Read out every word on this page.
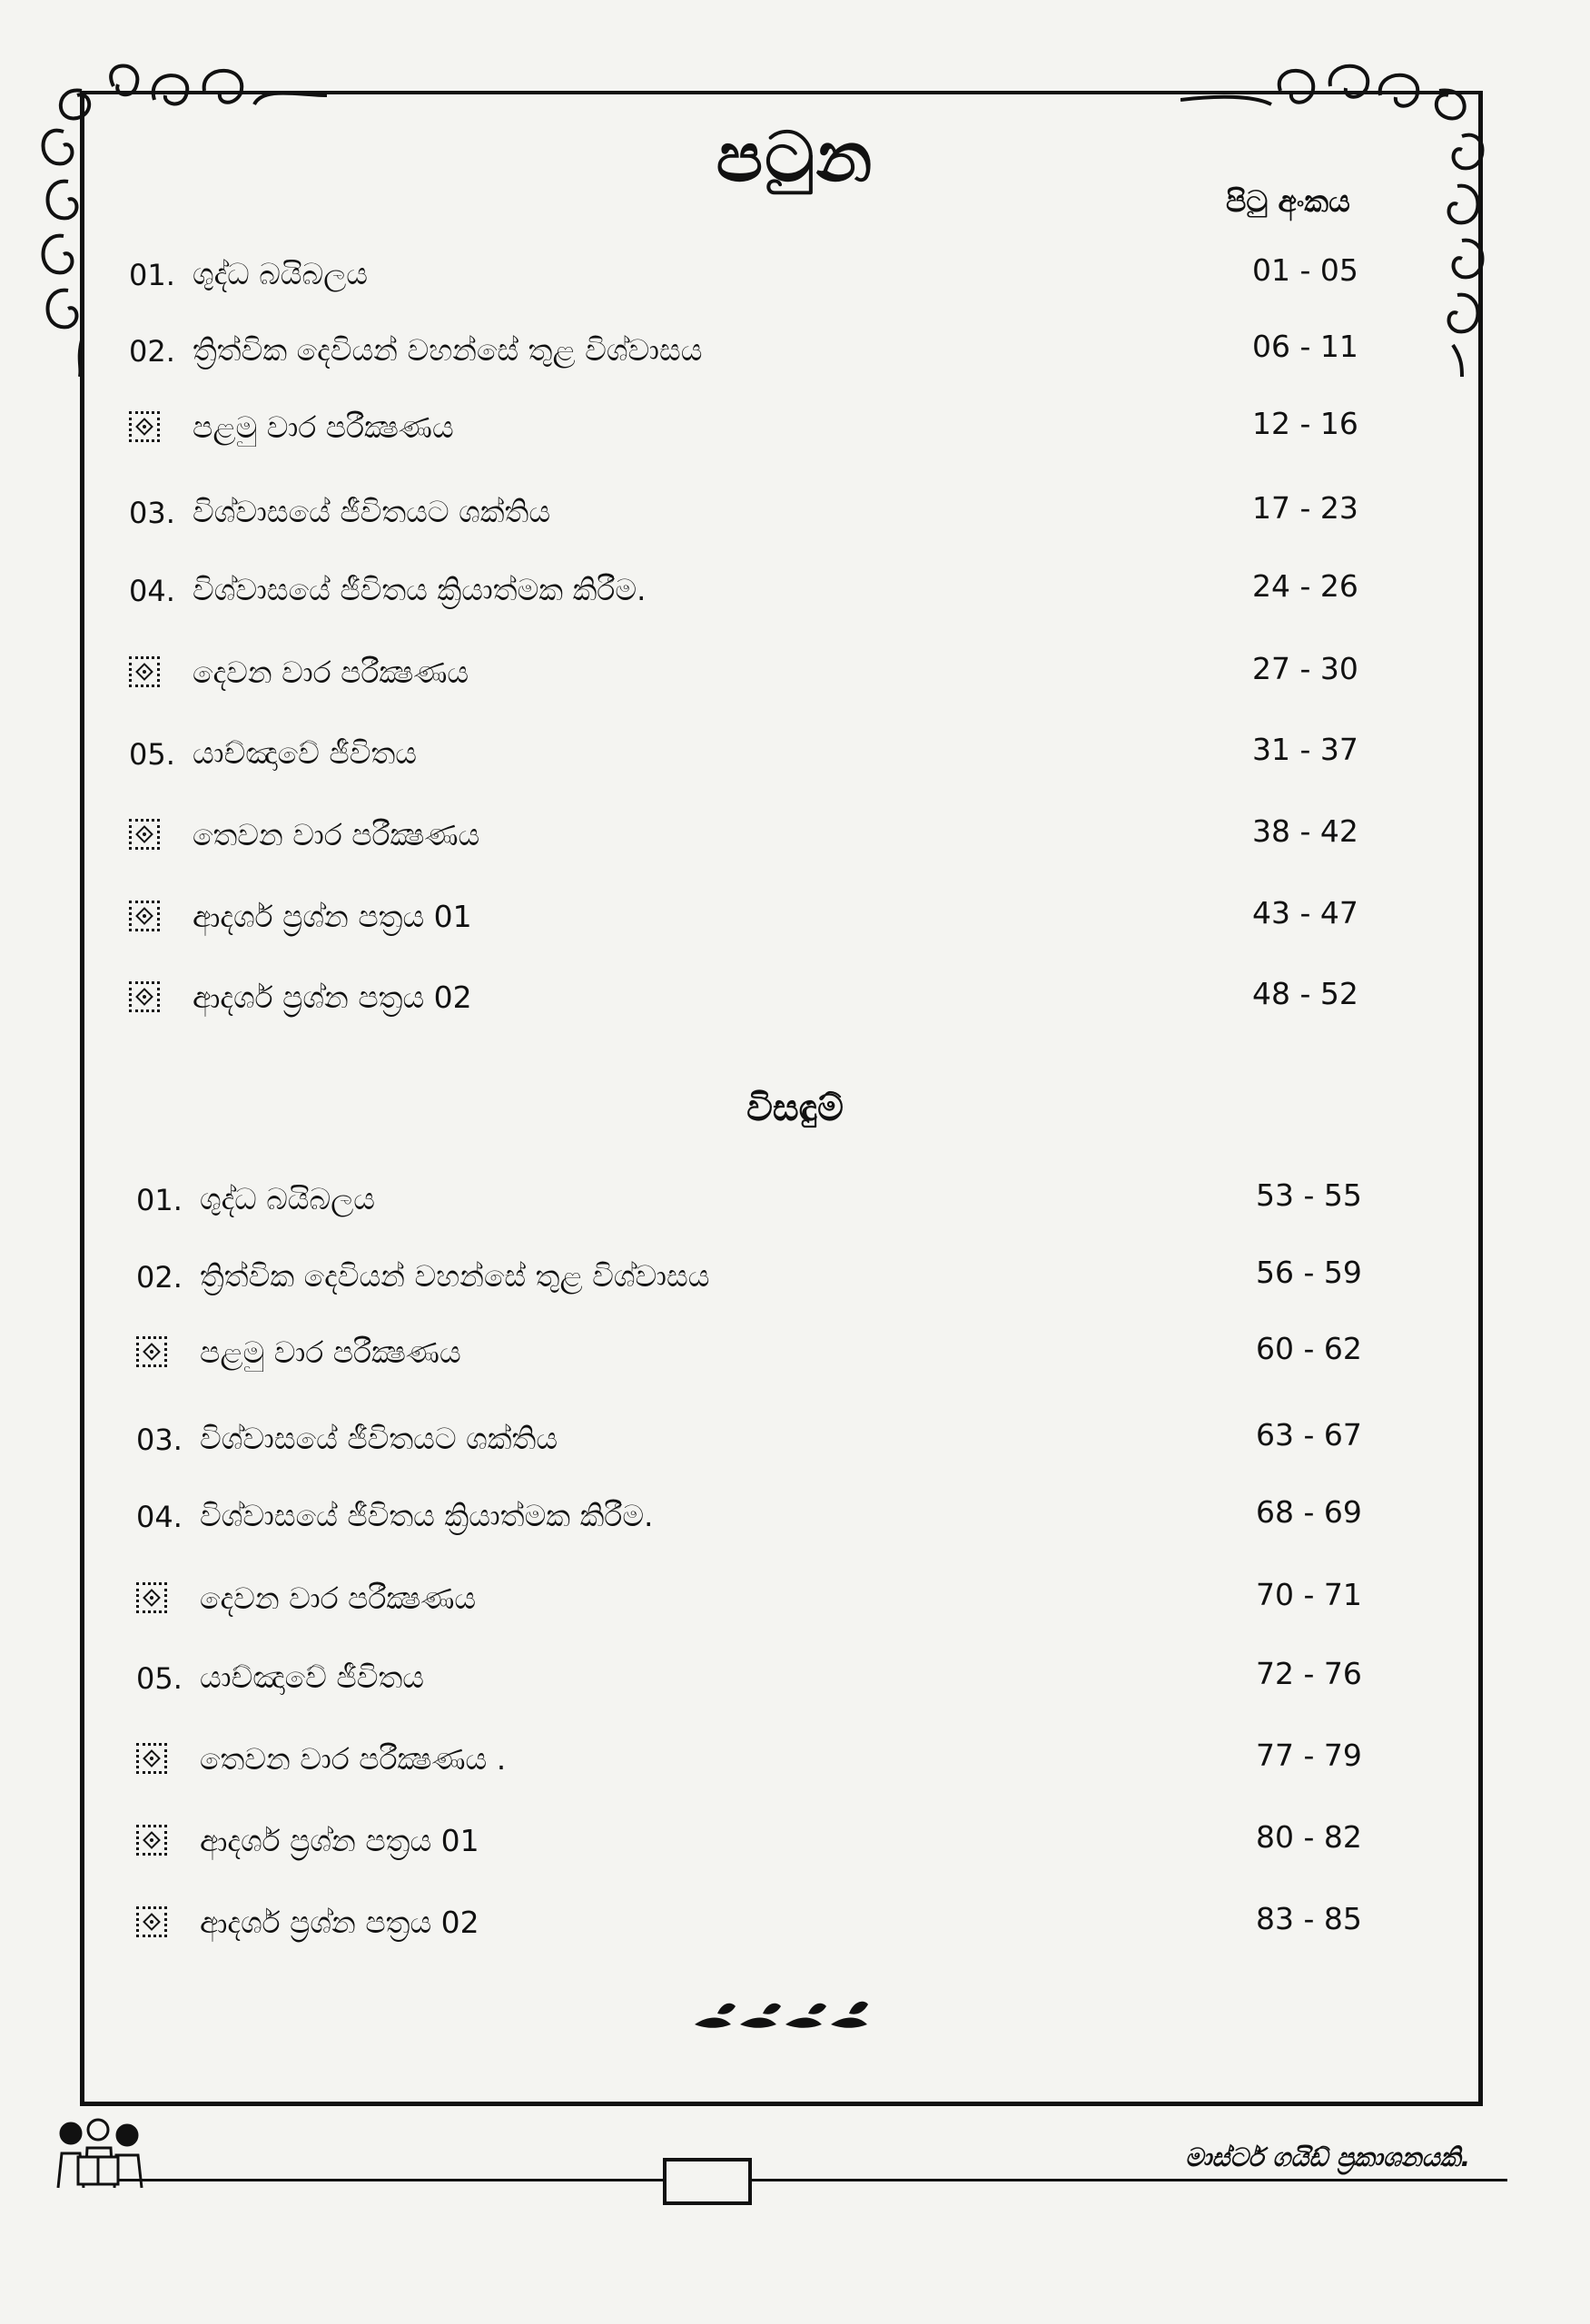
පටුන
පිටු අංකය
01. ශුද්ධ බයිබලය	01 - 05
02. ත්‍රිත්වික දෙවියන් වහන්සේ තුළ විශ්වාසය	06 - 11
පළමු වාර පරීක්‍ෂණය	12 - 16
03. විශ්වාසයේ ජීවිතයට ශක්තිය	17 - 23
04. විශ්වාසයේ ජීවිතය ක්‍රියාත්මක කිරීම.	24 - 26
දෙවන වාර පරීක්‍ෂණය	27 - 30
05. යාච්ඤාවේ ජීවිතය	31 - 37
තෙවන වාර පරීක්‍ෂණය	38 - 42
ආදර්ශ ප්‍රශ්න පත්‍රය 01	43 - 47
ආදර්ශ ප්‍රශ්න පත්‍රය 02	48 - 52
විසඳුම්
01. ශුද්ධ බයිබලය	53 - 55
02. ත්‍රිත්වික දෙවියන් වහන්සේ තුළ විශ්වාසය	56 - 59
පළමු වාර පරීක්‍ෂණය	60 - 62
03. විශ්වාසයේ ජීවිතයට ශක්තිය	63 - 67
04. විශ්වාසයේ ජීවිතය ක්‍රියාත්මක කිරීම.	68 - 69
දෙවන වාර පරීක්‍ෂණය	70 - 71
05. යාච්ඤාවේ ජීවිතය	72 - 76
තෙවන වාර පරීක්‍ෂණය .	77 - 79
ආදර්ශ ප්‍රශ්න පත්‍රය 01	80 - 82
ආදර්ශ ප්‍රශ්න පත්‍රය 02	83 - 85
මාස්ටර් ගයිඩ් ප්‍රකාශනයකි.
